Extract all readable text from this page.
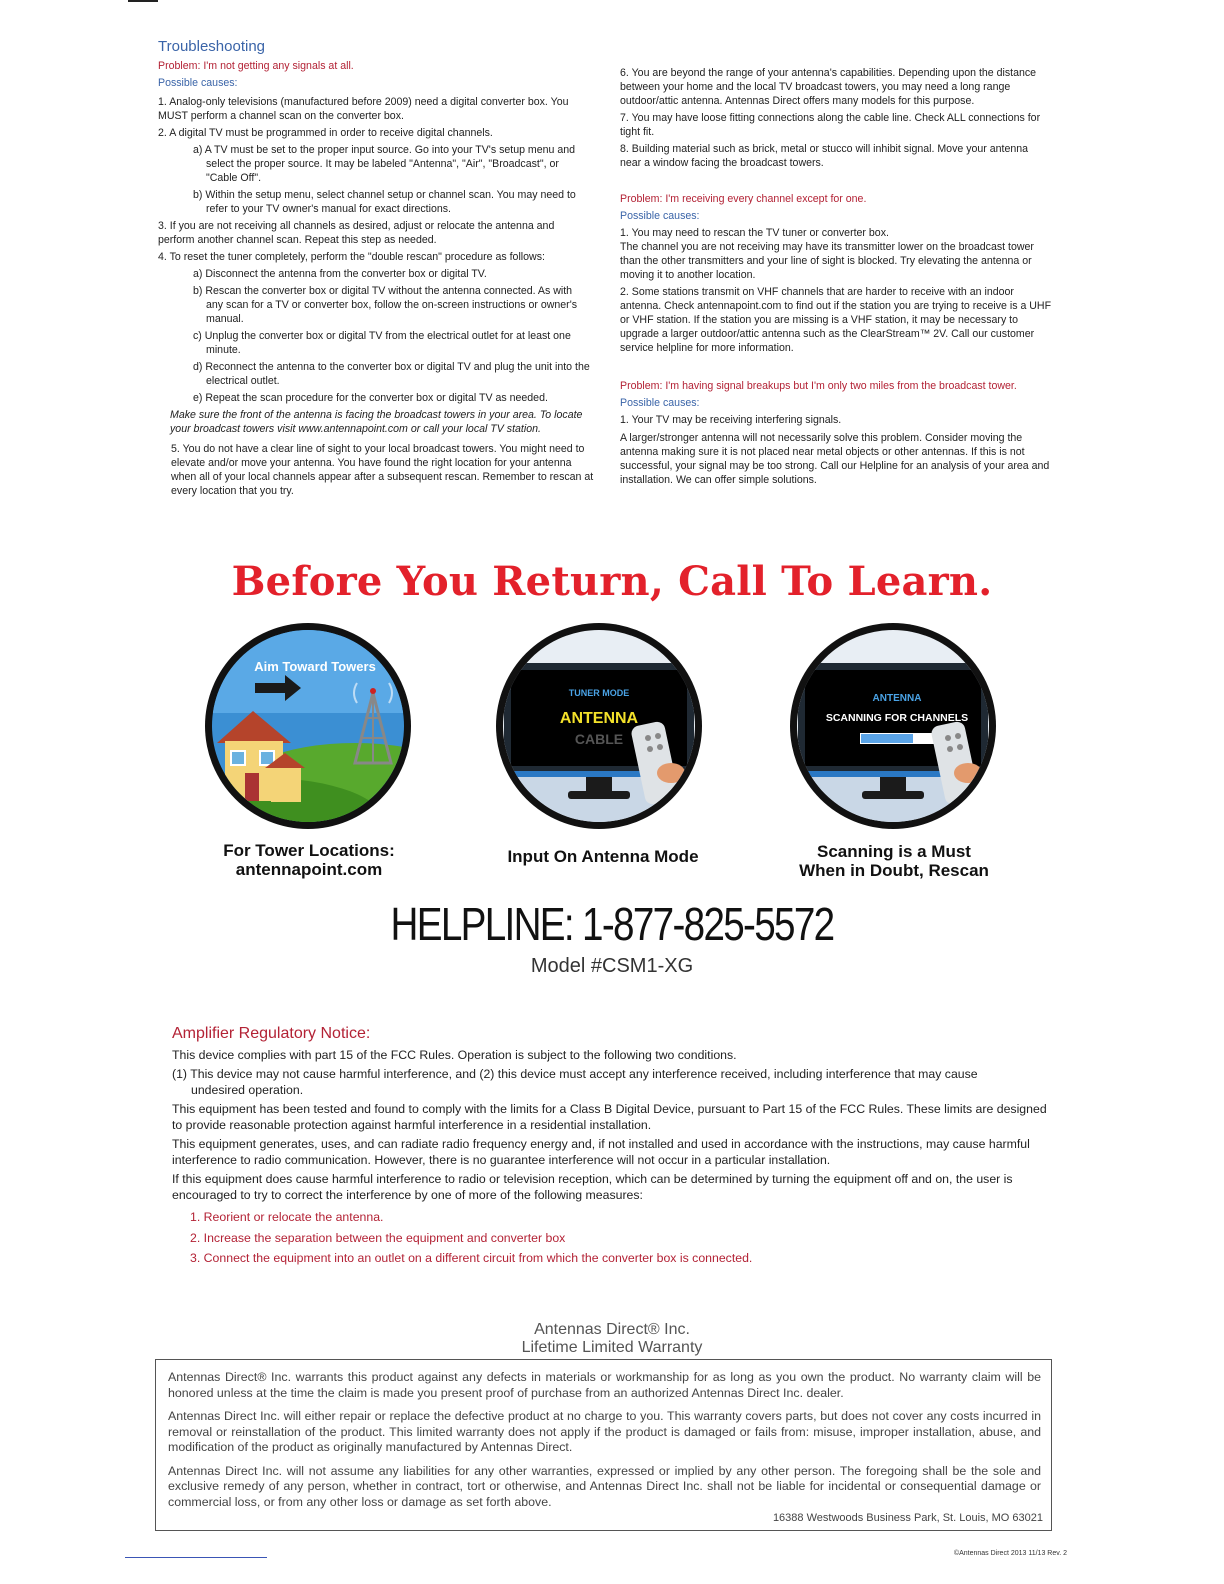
Troubleshooting

Problem: I'm not getting any signals at all.

Possible causes:

1. Analog-only televisions (manufactured before 2009) need a digital converter box. You MUST perform a channel scan on the converter box.

2. A digital TV must be programmed in order to receive digital channels.

a) A TV must be set to the proper input source. Go into your TV's setup menu and select the proper source. It may be labeled "Antenna", "Air", "Broadcast", or "Cable Off".

b) Within the setup menu, select channel setup or channel scan. You may need to refer to your TV owner's manual for exact directions.

3. If you are not receiving all channels as desired, adjust or relocate the antenna and perform another channel scan. Repeat this step as needed.

4. To reset the tuner completely, perform the "double rescan" procedure as follows:

a) Disconnect the antenna from the converter box or digital TV.

b) Rescan the converter box or digital TV without the antenna connected. As with any scan for a TV or converter box, follow the on-screen instructions or owner's manual.

c) Unplug the converter box or digital TV from the electrical outlet for at least one minute.

d) Reconnect the antenna to the converter box or digital TV and plug the unit into the electrical outlet.

e) Repeat the scan procedure for the converter box or digital TV as needed.

Make sure the front of the antenna is facing the broadcast towers in your area. To locate your broadcast towers visit www.antennapoint.com or call your local TV station.

5. You do not have a clear line of sight to your local broadcast towers. You might need to elevate and/or move your antenna. You have found the right location for your antenna when all of your local channels appear after a subsequent rescan. Remember to rescan at every location that you try.

6. You are beyond the range of your antenna's capabilities. Depending upon the distance between your home and the local TV broadcast towers, you may need a long range outdoor/attic antenna. Antennas Direct offers many models for this purpose.

7. You may have loose fitting connections along the cable line. Check ALL connections for tight fit.

8. Building material such as brick, metal or stucco will inhibit signal. Move your antenna near a window facing the broadcast towers.

Problem: I'm receiving every channel except for one.

Possible causes:

1. You may need to rescan the TV tuner or converter box.

The channel you are not receiving may have its transmitter lower on the broadcast tower than the other transmitters and your line of sight is blocked. Try elevating the antenna or moving it to another location.

2. Some stations transmit on VHF channels that are harder to receive with an indoor antenna. Check antennapoint.com to find out if the station you are trying to receive is a UHF or VHF station. If the station you are missing is a VHF station, it may be necessary to upgrade a larger outdoor/attic antenna such as the ClearStream™ 2V. Call our customer service helpline for more information.

Problem: I'm having signal breakups but I'm only two miles from the broadcast tower.

Possible causes:

1. Your TV may be receiving interfering signals.

A larger/stronger antenna will not necessarily solve this problem. Consider moving the antenna making sure it is not placed near metal objects or other antennas. If this is not successful, your signal may be too strong. Call our Helpline for an analysis of your area and installation. We can offer simple solutions.

Before You Return, Call To Learn.
Aim Toward Towers
TUNER MODE
ANTENNA
CABLE
ANTENNA
SCANNING FOR CHANNELS
For Tower Locations:
antennapoint.com
Input On Antenna Mode	Scanning is a Must
When in Doubt, Rescan
HELPLINE: 1-877-825-5572
Model #CSM1-XG

Amplifier Regulatory Notice:

This device complies with part 15 of the FCC Rules. Operation is subject to the following two conditions.

(1) This device may not cause harmful interference, and (2) this device must accept any interference received, including interference that may cause undesired operation.

This equipment has been tested and found to comply with the limits for a Class B Digital Device, pursuant to Part 15 of the FCC Rules. These limits are designed to provide reasonable protection against harmful interference in a residential installation.

This equipment generates, uses, and can radiate radio frequency energy and, if not installed and used in accordance with the instructions, may cause harmful interference to radio communication. However, there is no guarantee interference will not occur in a particular installation.

If this equipment does cause harmful interference to radio or television reception, which can be determined by turning the equipment off and on, the user is encouraged to try to correct the interference by one of more of the following measures:

1. Reorient or relocate the antenna.

2. Increase the separation between the equipment and converter box

3. Connect the equipment into an outlet on a different circuit from which the converter box is connected.

Antennas Direct® Inc.
Lifetime Limited Warranty

Antennas Direct® Inc. warrants this product against any defects in materials or workmanship for as long as you own the product. No warranty claim will be honored unless at the time the claim is made you present proof of purchase from an authorized Antennas Direct Inc. dealer.

Antennas Direct Inc. will either repair or replace the defective product at no charge to you. This warranty covers parts, but does not cover any costs incurred in removal or reinstallation of the product. This limited warranty does not apply if the product is damaged or fails from: misuse, improper installation, abuse, and modification of the product as originally manufactured by Antennas Direct.

Antennas Direct Inc. will not assume any liabilities for any other warranties, expressed or implied by any other person. The foregoing shall be the sole and exclusive remedy of any person, whether in contract, tort or otherwise, and Antennas Direct Inc. shall not be liable for incidental or consequential damage or commercial loss, or from any other loss or damage as set forth above.

16388 Westwoods Business Park, St. Louis, MO 63021
©Antennas Direct 2013 11/13 Rev. 2
